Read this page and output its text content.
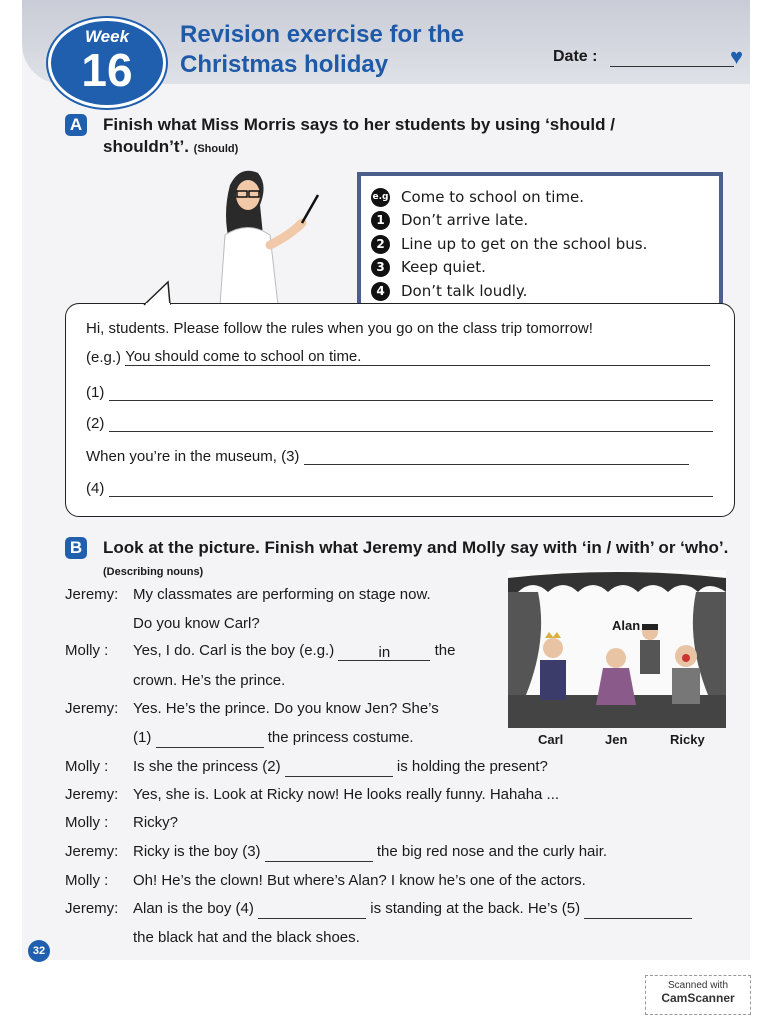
Week
16
Revision exercise for the
Christmas holiday	Date :	♥
A Finish what Miss Morris says to her students by using ‘should / shouldn’t’. (Should)
e.g Come to school on time.
1	Don’t arrive late.
2	Line up to get on the school bus.
3	Keep quiet.
4	Don’t talk loudly.
Hi, students. Please follow the rules when you go on the class trip tomorrow!
(e.g.) You should come to school on time.
(1)
(2)
When you’re in the museum, (3)
(4)
B Look at the picture. Finish what Jeremy and Molly say with ‘in / with’ or ‘who’. (Describing nouns)
Alan
Carl	Jen	Ricky
Jeremy: My classmates are performing on stage now.
Do you know Carl?
Molly :	Yes, I do. Carl is the boy (e.g.)	in	the
crown. He’s the prince.
Jeremy: Yes. He’s the prince. Do you know Jen? She’s
(1)	the princess costume.
Molly :	Is she the princess (2)	is holding the present?
Jeremy: Yes, she is. Look at Ricky now! He looks really funny. Hahaha ...
Molly :	Ricky?
Jeremy: Ricky is the boy (3)	the big red nose and the curly hair.
Molly :	Oh! He’s the clown! But where’s Alan? I know he’s one of the actors.
Jeremy: Alan is the boy (4)	is standing at the back. He’s (5)
the black hat and the black shoes.
32
Scanned with
CamScanner
